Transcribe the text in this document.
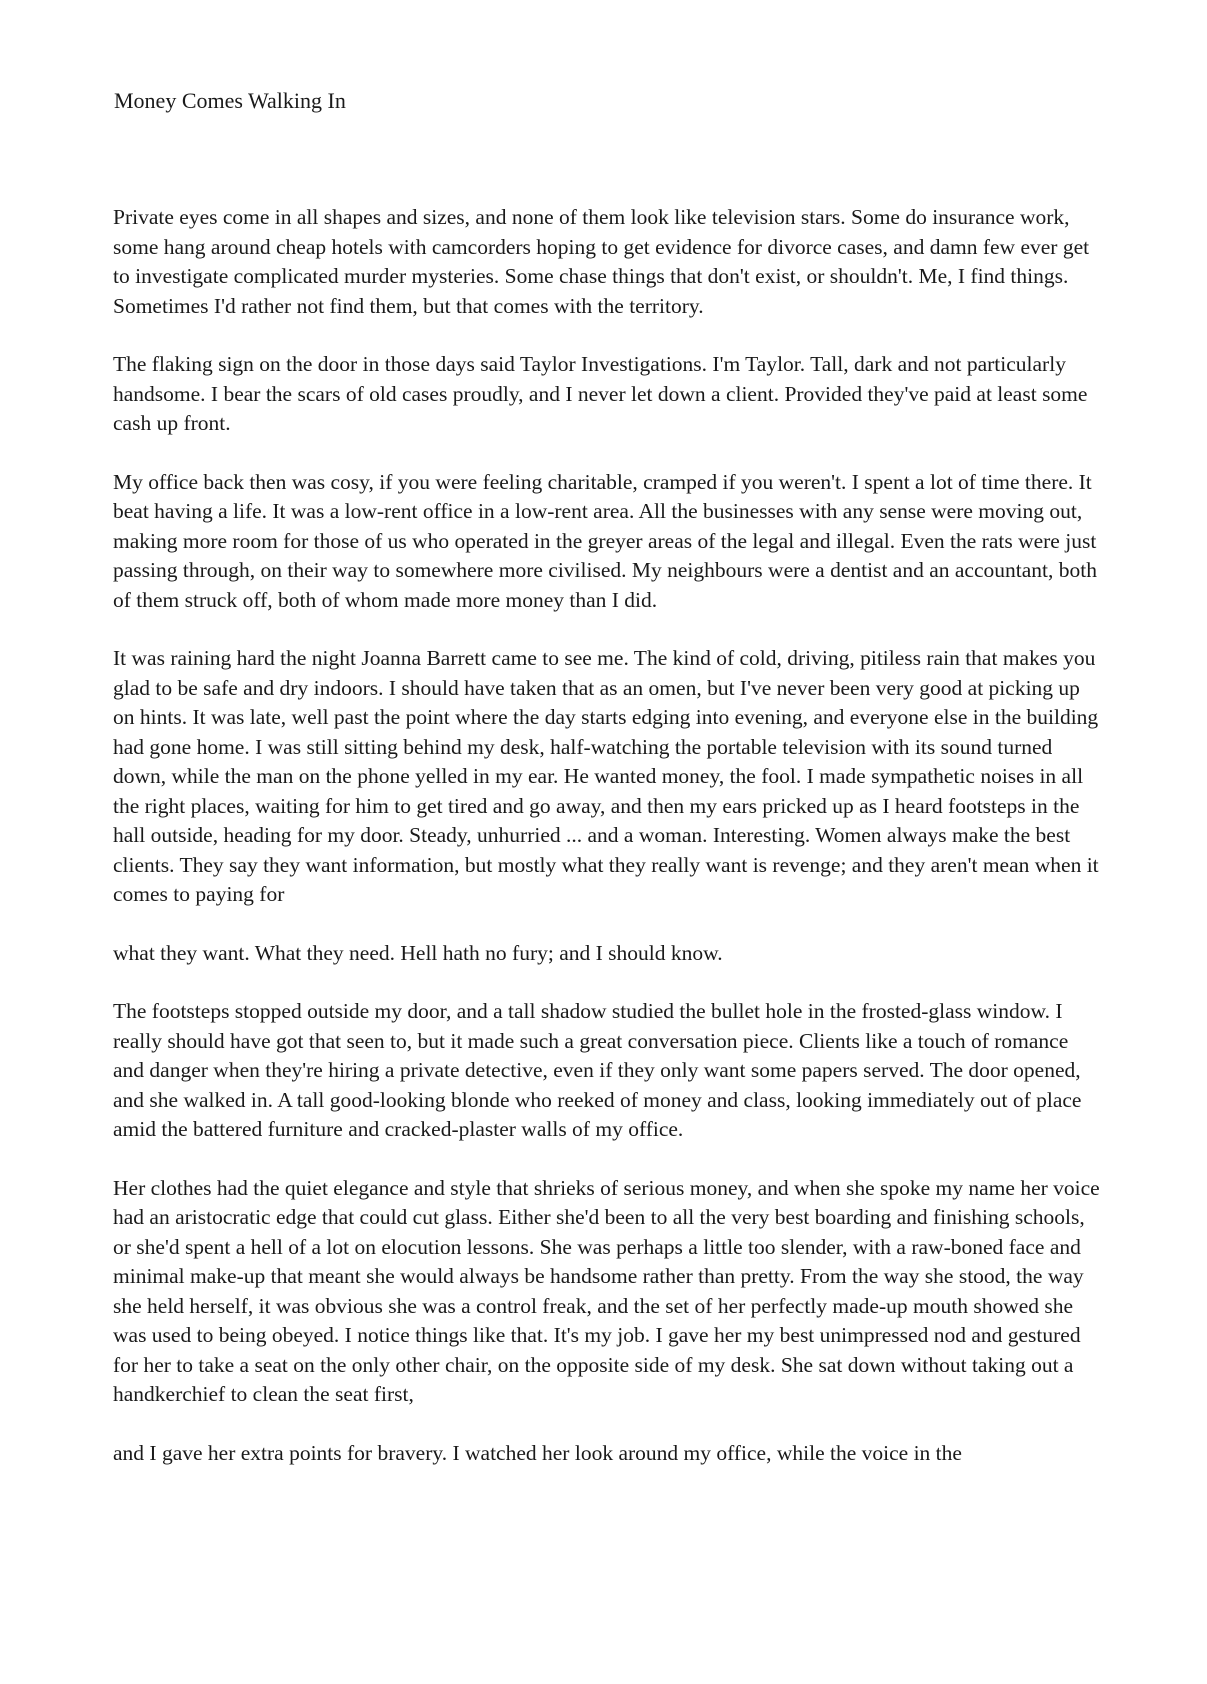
Money Comes Walking In

Private eyes come in all shapes and sizes, and none of them look like television stars. Some do insurance work, some hang around cheap hotels with camcorders hoping to get evidence for divorce cases, and damn few ever get to investigate complicated murder mysteries. Some chase things that don't exist, or shouldn't. Me, I find things. Sometimes I'd rather not find them, but that comes with the territory.

The flaking sign on the door in those days said Taylor Investigations. I'm Taylor. Tall, dark and not particularly handsome. I bear the scars of old cases proudly, and I never let down a client. Provided they've paid at least some cash up front.

My office back then was cosy, if you were feeling charitable, cramped if you weren't. I spent a lot of time there. It beat having a life. It was a low-rent office in a low-rent area. All the businesses with any sense were moving out, making more room for those of us who operated in the greyer areas of the legal and illegal. Even the rats were just passing through, on their way to somewhere more civilised. My neighbours were a dentist and an accountant, both of them struck off, both of whom made more money than I did.

It was raining hard the night Joanna Barrett came to see me. The kind of cold, driving, pitiless rain that makes you glad to be safe and dry indoors. I should have taken that as an omen, but I've never been very good at picking up on hints. It was late, well past the point where the day starts edging into evening, and everyone else in the building had gone home. I was still sitting behind my desk, half-watching the portable television with its sound turned down, while the man on the phone yelled in my ear. He wanted money, the fool. I made sympathetic noises in all the right places, waiting for him to get tired and go away, and then my ears pricked up as I heard footsteps in the hall outside, heading for my door. Steady, unhurried ... and a woman. Interesting. Women always make the best clients. They say they want information, but mostly what they really want is revenge; and they aren't mean when it comes to paying for

what they want. What they need. Hell hath no fury; and I should know.

The footsteps stopped outside my door, and a tall shadow studied the bullet hole in the frosted-glass window. I really should have got that seen to, but it made such a great conversation piece. Clients like a touch of romance and danger when they're hiring a private detective, even if they only want some papers served. The door opened, and she walked in. A tall good-looking blonde who reeked of money and class, looking immediately out of place amid the battered furniture and cracked-plaster walls of my office.

Her clothes had the quiet elegance and style that shrieks of serious money, and when she spoke my name her voice had an aristocratic edge that could cut glass. Either she'd been to all the very best boarding and finishing schools, or she'd spent a hell of a lot on elocution lessons. She was perhaps a little too slender, with a raw-boned face and minimal make-up that meant she would always be handsome rather than pretty. From the way she stood, the way she held herself, it was obvious she was a control freak, and the set of her perfectly made-up mouth showed she was used to being obeyed. I notice things like that. It's my job. I gave her my best unimpressed nod and gestured for her to take a seat on the only other chair, on the opposite side of my desk. She sat down without taking out a handkerchief to clean the seat first,

and I gave her extra points for bravery. I watched her look around my office, while the voice in the
